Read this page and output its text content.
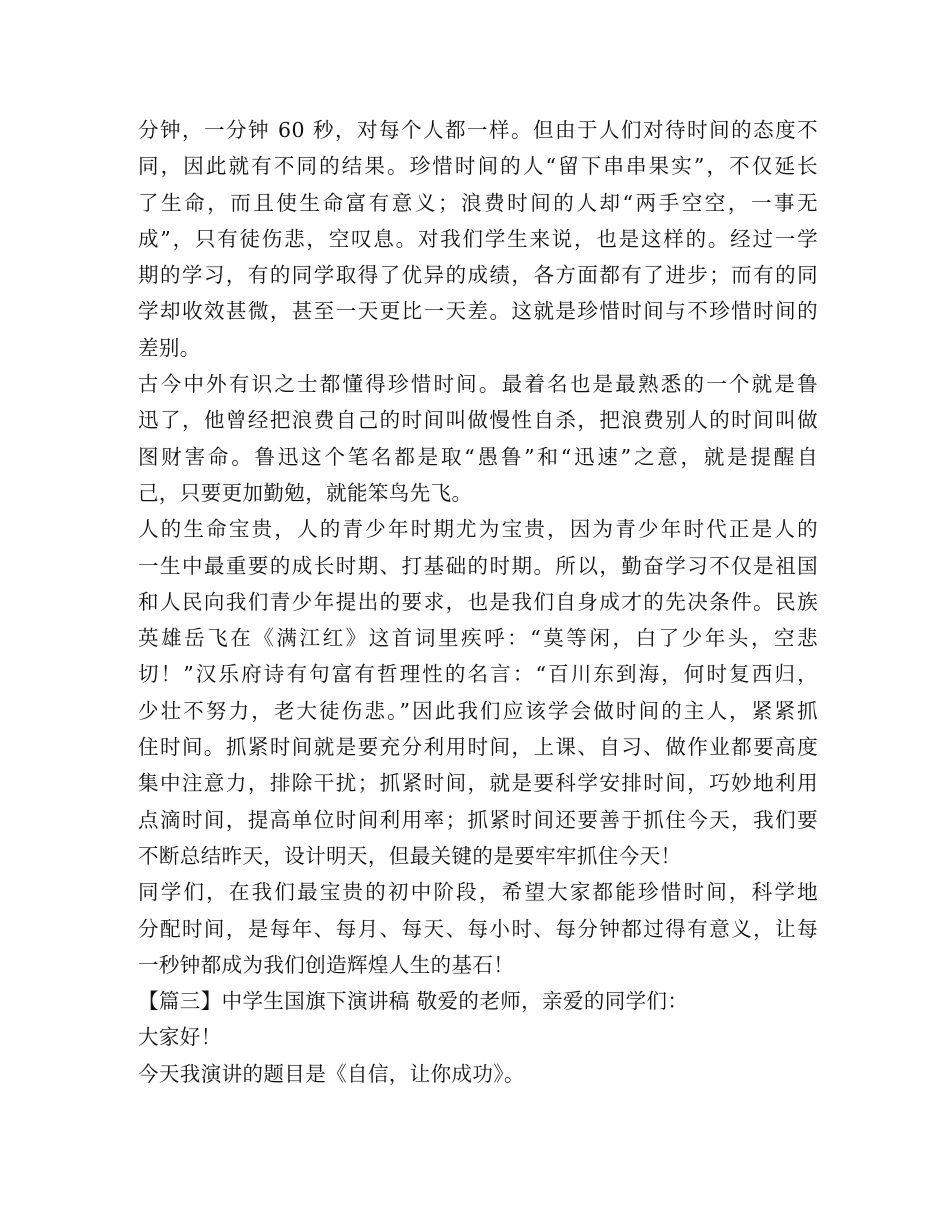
分钟，一分钟 60 秒，对每个人都一样。但由于人们对待时间的态度不
同，因此就有不同的结果。珍惜时间的人“留下串串果实”，不仅延长
了生命，而且使生命富有意义；浪费时间的人却“两手空空，一事无
成”，只有徒伤悲，空叹息。对我们学生来说，也是这样的。经过一学
期的学习，有的同学取得了优异的成绩，各方面都有了进步；而有的同
学却收效甚微，甚至一天更比一天差。这就是珍惜时间与不珍惜时间的
差别。
古今中外有识之士都懂得珍惜时间。最着名也是最熟悉的一个就是鲁
迅了，他曾经把浪费自己的时间叫做慢性自杀，把浪费别人的时间叫做
图财害命。鲁迅这个笔名都是取“愚鲁”和“迅速”之意，就是提醒自
己，只要更加勤勉，就能笨鸟先飞。
人的生命宝贵，人的青少年时期尤为宝贵，因为青少年时代正是人的
一生中最重要的成长时期、打基础的时期。所以，勤奋学习不仅是祖国
和人民向我们青少年提出的要求，也是我们自身成才的先决条件。民族
英雄岳飞在《满江红》这首词里疾呼：“莫等闲，白了少年头，空悲
切！”汉乐府诗有句富有哲理性的名言：“百川东到海，何时复西归，
少壮不努力，老大徒伤悲。”因此我们应该学会做时间的主人，紧紧抓
住时间。抓紧时间就是要充分利用时间，上课、自习、做作业都要高度
集中注意力，排除干扰；抓紧时间，就是要科学安排时间，巧妙地利用
点滴时间，提高单位时间利用率；抓紧时间还要善于抓住今天，我们要
不断总结昨天，设计明天，但最关键的是要牢牢抓住今天！
同学们，在我们最宝贵的初中阶段，希望大家都能珍惜时间，科学地
分配时间，是每年、每月、每天、每小时、每分钟都过得有意义，让每
一秒钟都成为我们创造辉煌人生的基石！
【篇三】中学生国旗下演讲稿 敬爱的老师，亲爱的同学们：
大家好！
今天我演讲的题目是《自信，让你成功》。
